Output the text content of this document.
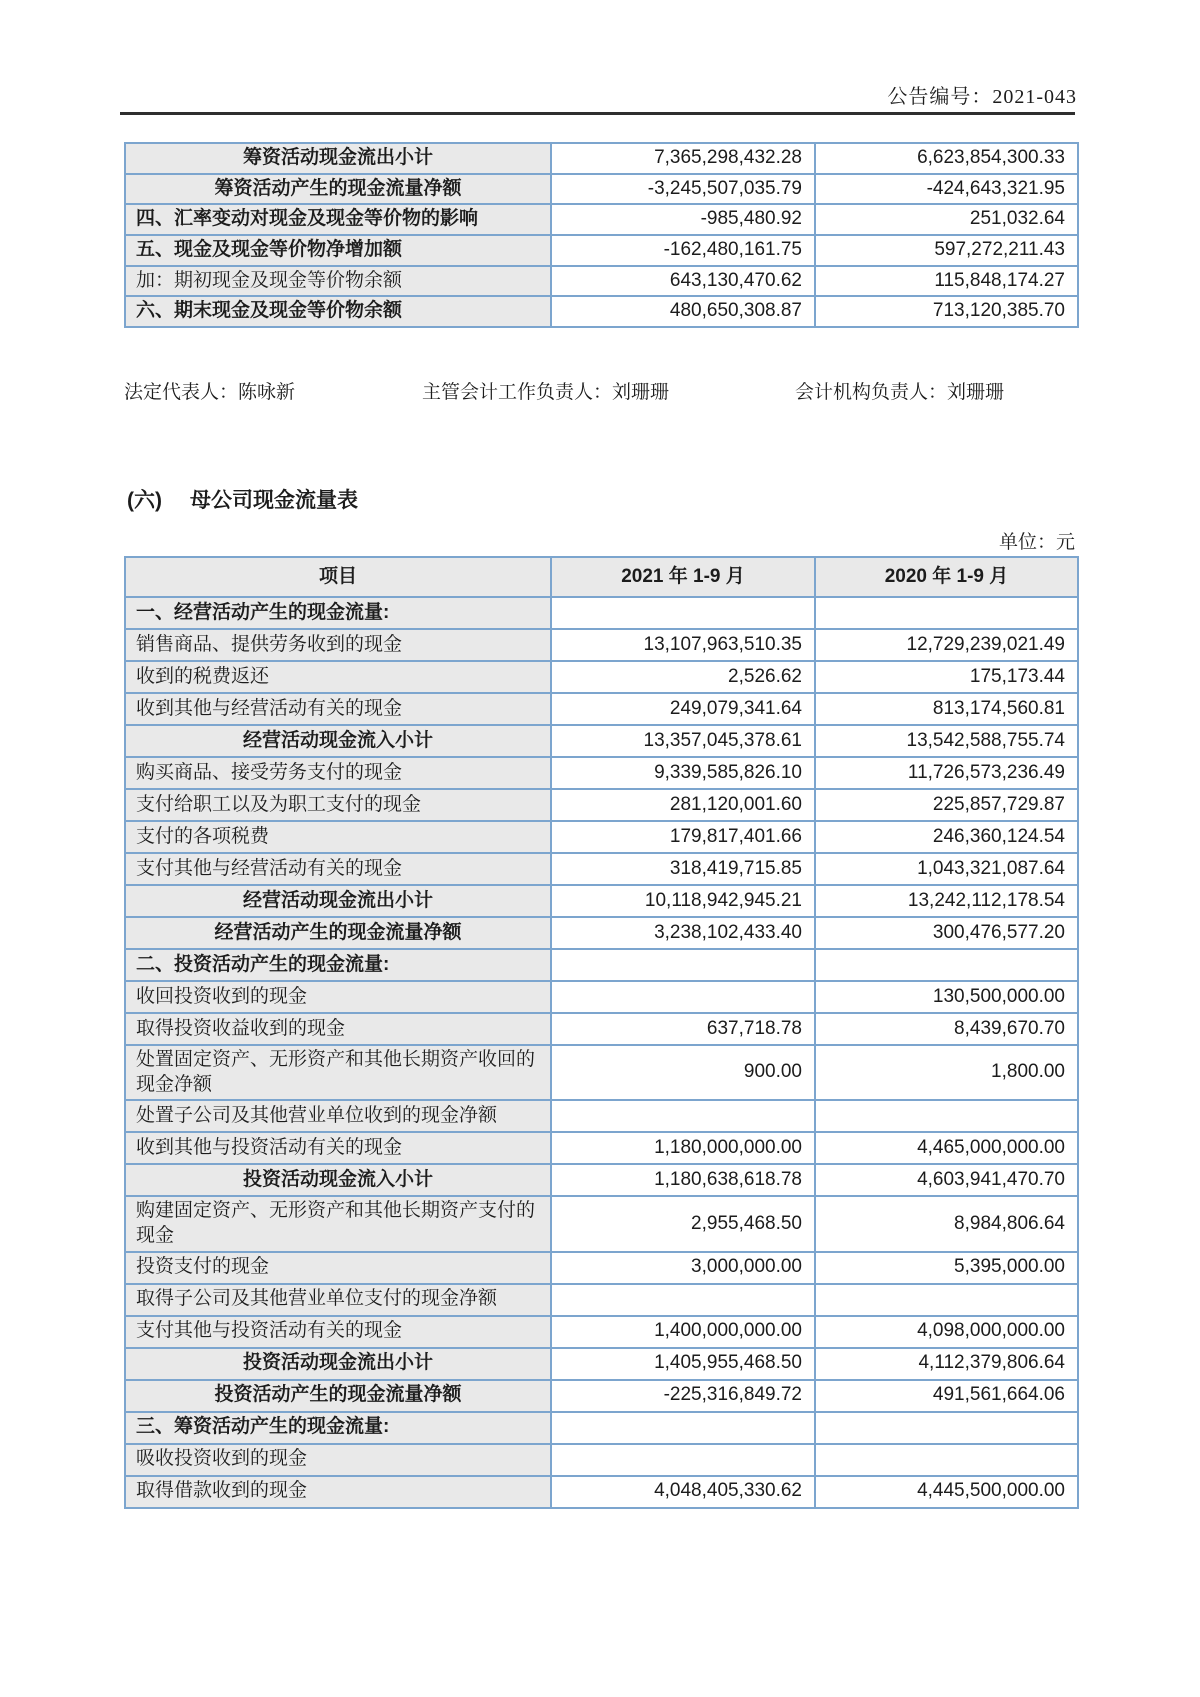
公告编号：2021-043
筹资活动现金流出小计	7,365,298,432.28	6,623,854,300.33
筹资活动产生的现金流量净额	-3,245,507,035.79	-424,643,321.95
四、汇率变动对现金及现金等价物的影响	-985,480.92	251,032.64
五、现金及现金等价物净增加额	-162,480,161.75	597,272,211.43
加：期初现金及现金等价物余额	643,130,470.62	115,848,174.27
六、期末现金及现金等价物余额	480,650,308.87	713,120,385.70
法定代表人：陈咏新	主管会计工作负责人：刘珊珊	会计机构负责人：刘珊珊
(六) 母公司现金流量表
单位：元
项目	2021 年 1-9 月	2020 年 1-9 月
一、经营活动产生的现金流量:		
销售商品、提供劳务收到的现金	13,107,963,510.35	12,729,239,021.49
收到的税费返还	2,526.62	175,173.44
收到其他与经营活动有关的现金	249,079,341.64	813,174,560.81
经营活动现金流入小计	13,357,045,378.61	13,542,588,755.74
购买商品、接受劳务支付的现金	9,339,585,826.10	11,726,573,236.49
支付给职工以及为职工支付的现金	281,120,001.60	225,857,729.87
支付的各项税费	179,817,401.66	246,360,124.54
支付其他与经营活动有关的现金	318,419,715.85	1,043,321,087.64
经营活动现金流出小计	10,118,942,945.21	13,242,112,178.54
经营活动产生的现金流量净额	3,238,102,433.40	300,476,577.20
二、投资活动产生的现金流量:		
收回投资收到的现金		130,500,000.00
取得投资收益收到的现金	637,718.78	8,439,670.70
处置固定资产、无形资产和其他长期资产收回的现金净额	900.00	1,800.00
处置子公司及其他营业单位收到的现金净额		
收到其他与投资活动有关的现金	1,180,000,000.00	4,465,000,000.00
投资活动现金流入小计	1,180,638,618.78	4,603,941,470.70
购建固定资产、无形资产和其他长期资产支付的现金	2,955,468.50	8,984,806.64
投资支付的现金	3,000,000.00	5,395,000.00
取得子公司及其他营业单位支付的现金净额		
支付其他与投资活动有关的现金	1,400,000,000.00	4,098,000,000.00
投资活动现金流出小计	1,405,955,468.50	4,112,379,806.64
投资活动产生的现金流量净额	-225,316,849.72	491,561,664.06
三、筹资活动产生的现金流量:		
吸收投资收到的现金		
取得借款收到的现金	4,048,405,330.62	4,445,500,000.00
